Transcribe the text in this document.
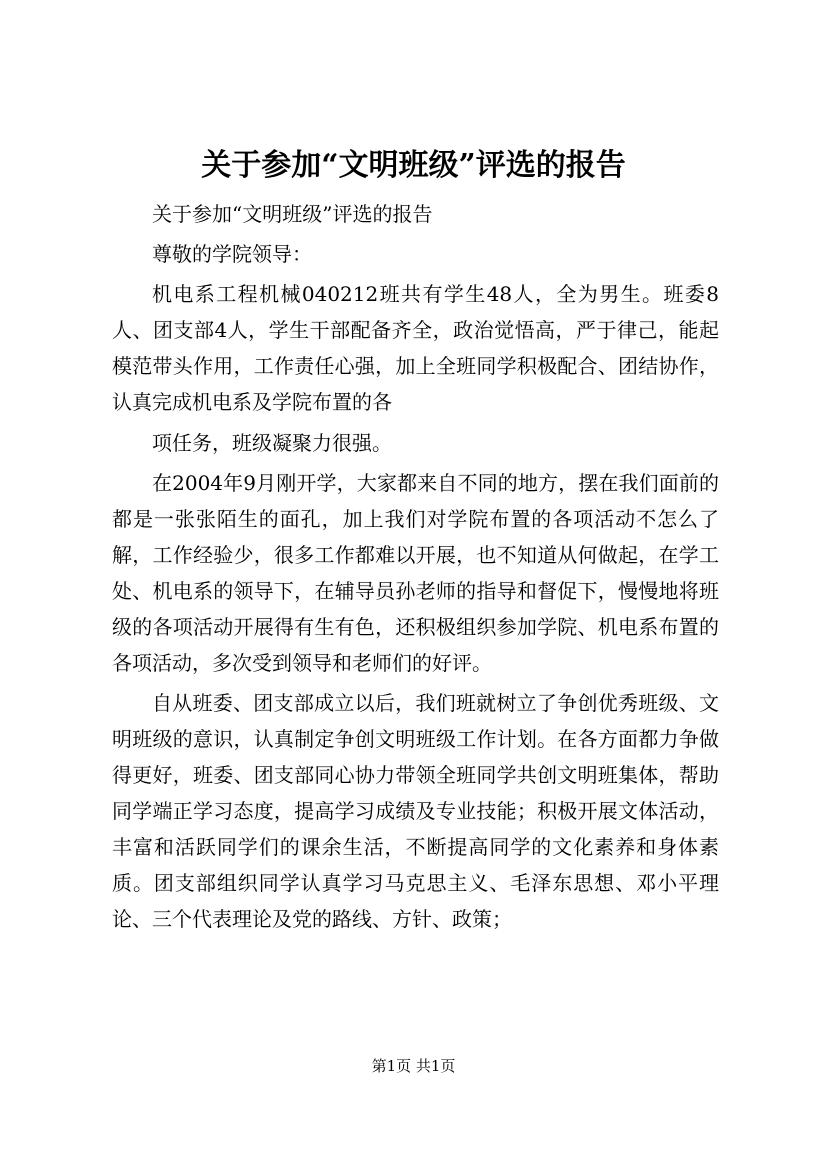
关于参加“文明班级”评选的报告

关于参加“文明班级”评选的报告

尊敬的学院领导：

机电系工程机械040212班共有学生48人，全为男生。班委8人、团支部4人，学生干部配备齐全，政治觉悟高，严于律己，能起模范带头作用，工作责任心强，加上全班同学积极配合、团结协作，认真完成机电系及学院布置的各

项任务，班级凝聚力很强。

在2004年9月刚开学，大家都来自不同的地方，摆在我们面前的都是一张张陌生的面孔，加上我们对学院布置的各项活动不怎么了解，工作经验少，很多工作都难以开展，也不知道从何做起，在学工处、机电系的领导下，在辅导员孙老师的指导和督促下，慢慢地将班级的各项活动开展得有生有色，还积极组织参加学院、机电系布置的各项活动，多次受到领导和老师们的好评。

自从班委、团支部成立以后，我们班就树立了争创优秀班级、文明班级的意识，认真制定争创文明班级工作计划。在各方面都力争做得更好，班委、团支部同心协力带领全班同学共创文明班集体，帮助同学端正学习态度，提高学习成绩及专业技能；积极开展文体活动，丰富和活跃同学们的课余生活，不断提高同学的文化素养和身体素质。团支部组织同学认真学习马克思主义、毛泽东思想、邓小平理论、三个代表理论及党的路线、方针、政策；

第1页 共1页
